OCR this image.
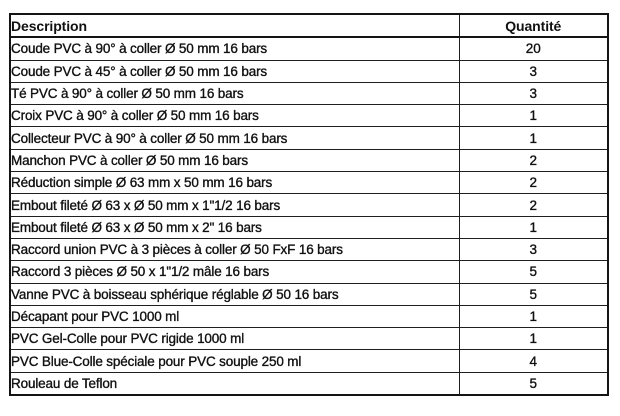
Description	Quantité
Coude PVC à 90° à coller Ø 50 mm 16 bars	20
Coude PVC à 45° à coller Ø 50 mm 16 bars	3
Té PVC à 90° à coller Ø 50 mm 16 bars	3
Croix PVC à 90° à coller Ø 50 mm 16 bars	1
Collecteur PVC à 90° à coller Ø 50 mm 16 bars	1
Manchon PVC à coller Ø 50 mm 16 bars	2
Réduction simple Ø 63 mm x 50 mm 16 bars	2
Embout fileté Ø 63 x Ø 50 mm x 1"1/2 16 bars	2
Embout fileté Ø 63 x Ø 50 mm x 2" 16 bars	1
Raccord union PVC à 3 pièces à coller Ø 50 FxF 16 bars	3
Raccord 3 pièces Ø 50 x 1"1/2 mâle 16 bars	5
Vanne PVC à boisseau sphérique réglable Ø 50 16 bars	5
Décapant pour PVC 1000 ml	1
PVC Gel-Colle pour PVC rigide 1000 ml	1
PVC Blue-Colle spéciale pour PVC souple 250 ml	4
Rouleau de Teflon	5
